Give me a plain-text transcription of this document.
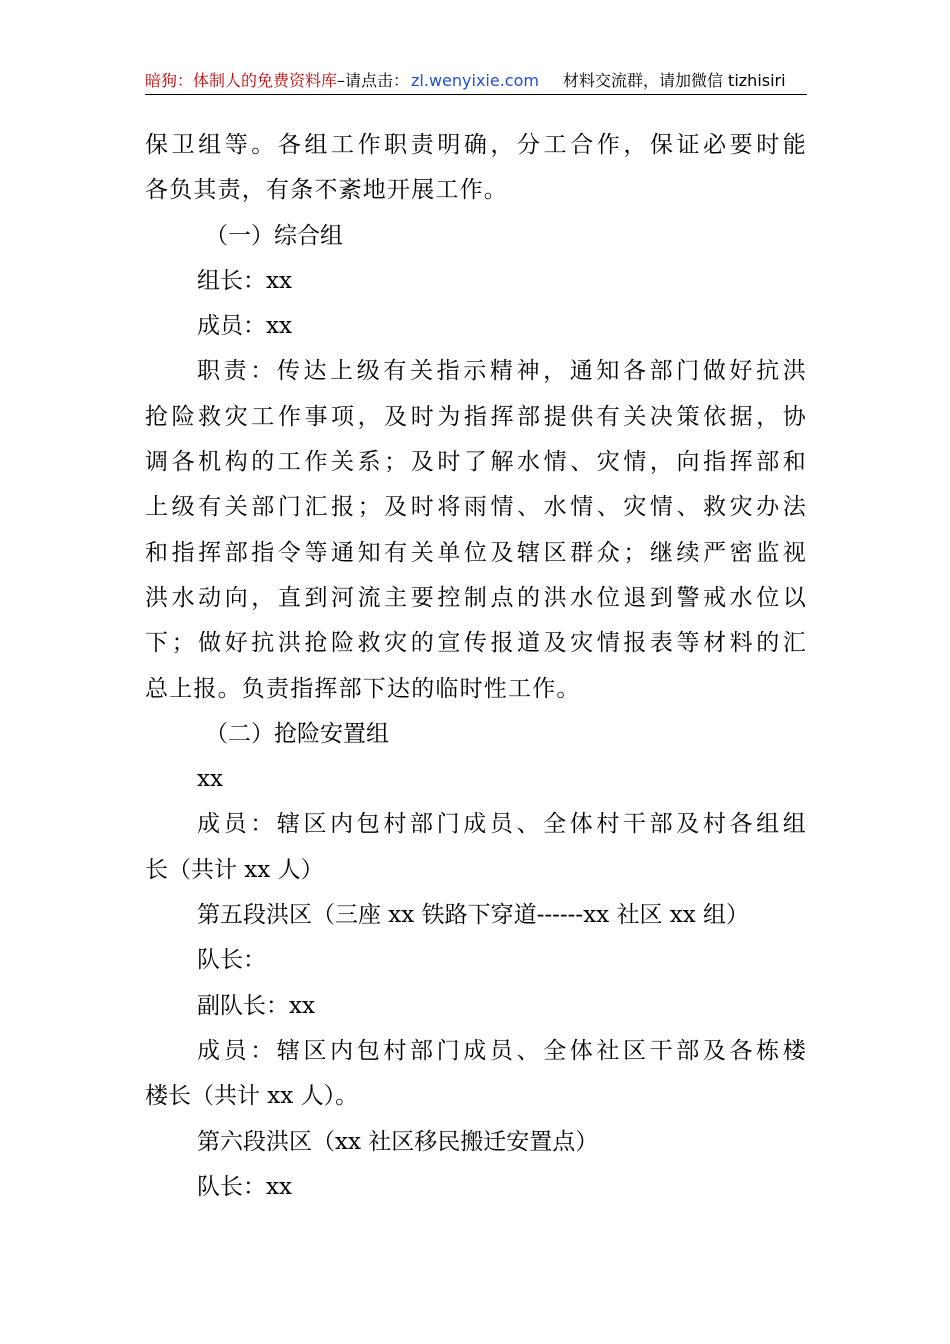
暗狗：体制人的免费资料库–请点击： zl.wenyixie.com 材料交流群，请加微信 tizhisiri
保卫组等。各组工作职责明确，分工合作，保证必要时能
各负其责，有条不紊地开展工作。
（一）综合组
组长：xx
成员：xx
职责：传达上级有关指示精神，通知各部门做好抗洪
抢险救灾工作事项，及时为指挥部提供有关决策依据，协
调各机构的工作关系；及时了解水情、灾情，向指挥部和
上级有关部门汇报；及时将雨情、水情、灾情、救灾办法
和指挥部指令等通知有关单位及辖区群众；继续严密监视
洪水动向，直到河流主要控制点的洪水位退到警戒水位以
下；做好抗洪抢险救灾的宣传报道及灾情报表等材料的汇
总上报。负责指挥部下达的临时性工作。
（二）抢险安置组
xx
成员：辖区内包村部门成员、全体村干部及村各组组
长（共计 xx 人）
第五段洪区（三座 xx 铁路下穿道------xx 社区 xx 组）
队长：
副队长：xx
成员：辖区内包村部门成员、全体社区干部及各栋楼
楼长（共计 xx 人）。
第六段洪区（xx 社区移民搬迁安置点）
队长：xx
